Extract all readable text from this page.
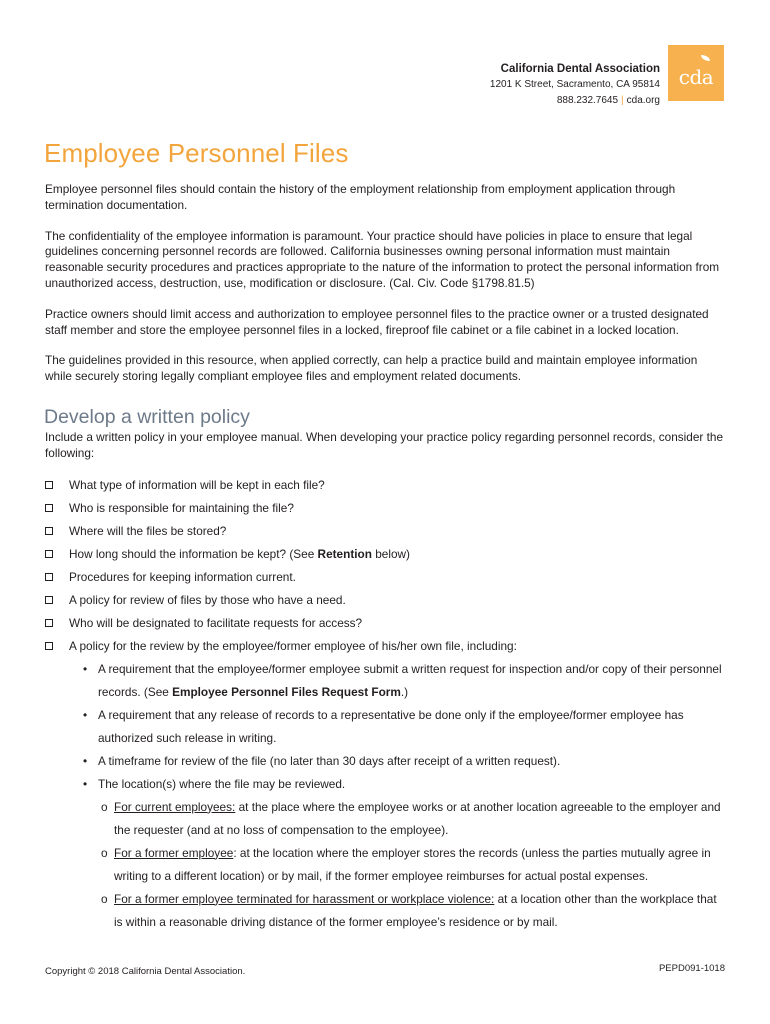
California Dental Association
1201 K Street, Sacramento, CA 95814
888.232.7645 | cda.org
cda
Employee Personnel Files

Employee personnel files should contain the history of the employment relationship from employment application through termination documentation.

The confidentiality of the employee information is paramount. Your practice should have policies in place to ensure that legal guidelines concerning personnel records are followed. California businesses owning personal information must maintain reasonable security procedures and practices appropriate to the nature of the information to protect the personal information from unauthorized access, destruction, use, modification or disclosure. (Cal. Civ. Code §1798.81.5)

Practice owners should limit access and authorization to employee personnel files to the practice owner or a trusted designated staff member and store the employee personnel files in a locked, fireproof file cabinet or a file cabinet in a locked location.

The guidelines provided in this resource, when applied correctly, can help a practice build and maintain employee information while securely storing legally compliant employee files and employment related documents.

Develop a written policy
Include a written policy in your employee manual. When developing your practice policy regarding personnel records, consider the following:
What type of information will be kept in each file?
Who is responsible for maintaining the file?
Where will the files be stored?
How long should the information be kept? (See Retention below)
Procedures for keeping information current.
A policy for review of files by those who have a need.
Who will be designated to facilitate requests for access?
A policy for the review by the employee/former employee of his/her own file, including:
• A requirement that the employee/former employee submit a written request for inspection and/or copy of their personnel records. (See Employee Personnel Files Request Form.)
• A requirement that any release of records to a representative be done only if the employee/former employee has authorized such release in writing.
• A timeframe for review of the file (no later than 30 days after receipt of a written request).
• The location(s) where the file may be reviewed.
o For current employees: at the place where the employee works or at another location agreeable to the employer and the requester (and at no loss of compensation to the employee).
o For a former employee: at the location where the employer stores the records (unless the parties mutually agree in writing to a different location) or by mail, if the former employee reimburses for actual postal expenses.
o For a former employee terminated for harassment or workplace violence: at a location other than the workplace that is within a reasonable driving distance of the former employee’s residence or by mail.
Copyright © 2018 California Dental Association.	PEPD091-1018
